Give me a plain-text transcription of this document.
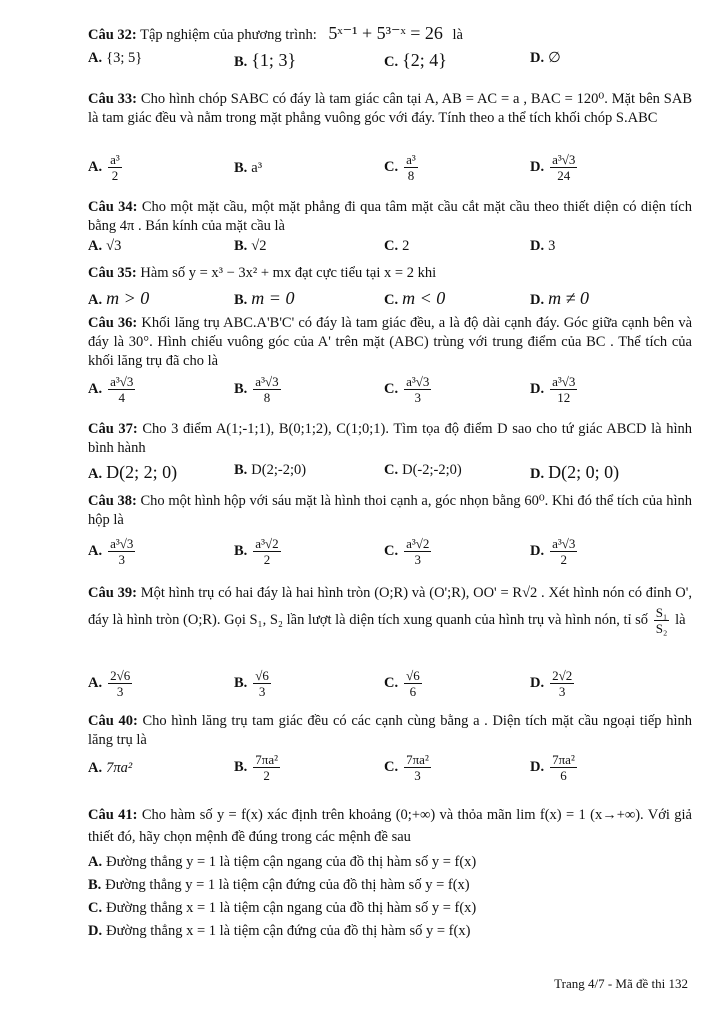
Câu 32: Tập nghiệm của phương trình: 5ˣ⁻¹ + 5³⁻ˣ = 26 là
A. {3; 5}	B. {1; 3}	C. {2; 4}	D. ∅
Câu 33: Cho hình chóp SABC có đáy là tam giác cân tại A, AB = AC = a , BAC = 120⁰. Mặt bên SAB là tam giác đều và nằm trong mặt phẳng vuông góc với đáy. Tính theo a thể tích khối chóp S.ABC
A. $\frac{\text{a³}}{2}$	B. a³	C. $\frac{\text{a³}}{8}$	D. $\frac{\text{a³√3}}{24}$
Câu 34: Cho một mặt cầu, một mặt phẳng đi qua tâm mặt cầu cắt mặt cầu theo thiết diện có diện tích bằng 4π . Bán kính của mặt cầu là
A. √3	B. √2	C. 2	D. 3
Câu 35: Hàm số y = x³ − 3x² + mx đạt cực tiểu tại x = 2 khi
A. m > 0	B. m = 0	C. m < 0	D. m ≠ 0
Câu 36: Khối lăng trụ ABC.A'B'C' có đáy là tam giác đều, a là độ dài cạnh đáy. Góc giữa cạnh bên và đáy là 30°. Hình chiếu vuông góc của A' trên mặt (ABC) trùng với trung điểm của BC . Thể tích của khối lăng trụ đã cho là
A. $\frac{\text{a³√3}}{4}$	B. $\frac{\text{a³√3}}{8}$	C. $\frac{\text{a³√3}}{3}$	D. $\frac{\text{a³√3}}{12}$
Câu 37: Cho 3 điểm A(1;-1;1), B(0;1;2), C(1;0;1). Tìm tọa độ điểm D sao cho tứ giác ABCD là hình bình hành
A. D(2; 2; 0)	B. D(2;-2;0)	C. D(-2;-2;0)	D. D(2; 0; 0)
Câu 38: Cho một hình hộp với sáu mặt là hình thoi cạnh a, góc nhọn bằng 60⁰. Khi đó thể tích của hình hộp là
A. $\frac{\text{a³√3}}{3}$	B. $\frac{\text{a³√2}}{2}$	C. $\frac{\text{a³√2}}{3}$	D. $\frac{\text{a³√3}}{2}$
Câu 39: Một hình trụ có hai đáy là hai hình tròn (O;R) và (O';R), OO' = R√2 . Xét hình nón có đỉnh O', đáy là hình tròn (O;R). Gọi S₁, S₂ lần lượt là diện tích xung quanh của hình trụ và hình nón, tỉ số $\frac{\text{S₁}}{\text{S₂}}$ là
A. $\frac{2√6}{3}$	B. $\frac{√6}{3}$	C. $\frac{√6}{6}$	D. $\frac{2√2}{3}$
Câu 40: Cho hình lăng trụ tam giác đều có các cạnh cùng bằng a . Diện tích mặt cầu ngoại tiếp hình lăng trụ là
A. 7πa²	B. $\frac{\text{7πa²}}{2}$	C. $\frac{\text{7πa²}}{3}$	D. $\frac{\text{7πa²}}{6}$
Câu 41: Cho hàm số y = f(x) xác định trên khoảng (0;+∞) và thỏa mãn lim f(x) = 1 (x→+∞). Với giả thiết đó, hãy chọn mệnh đề đúng trong các mệnh đề sau
A. Đường thẳng y = 1 là tiệm cận ngang của đồ thị hàm số y = f(x)
B. Đường thẳng y = 1 là tiệm cận đứng của đồ thị hàm số y = f(x)
C. Đường thẳng x = 1 là tiệm cận ngang của đồ thị hàm số y = f(x)
D. Đường thẳng x = 1 là tiệm cận đứng của đồ thị hàm số y = f(x)
Trang 4/7 - Mã đề thi 132
